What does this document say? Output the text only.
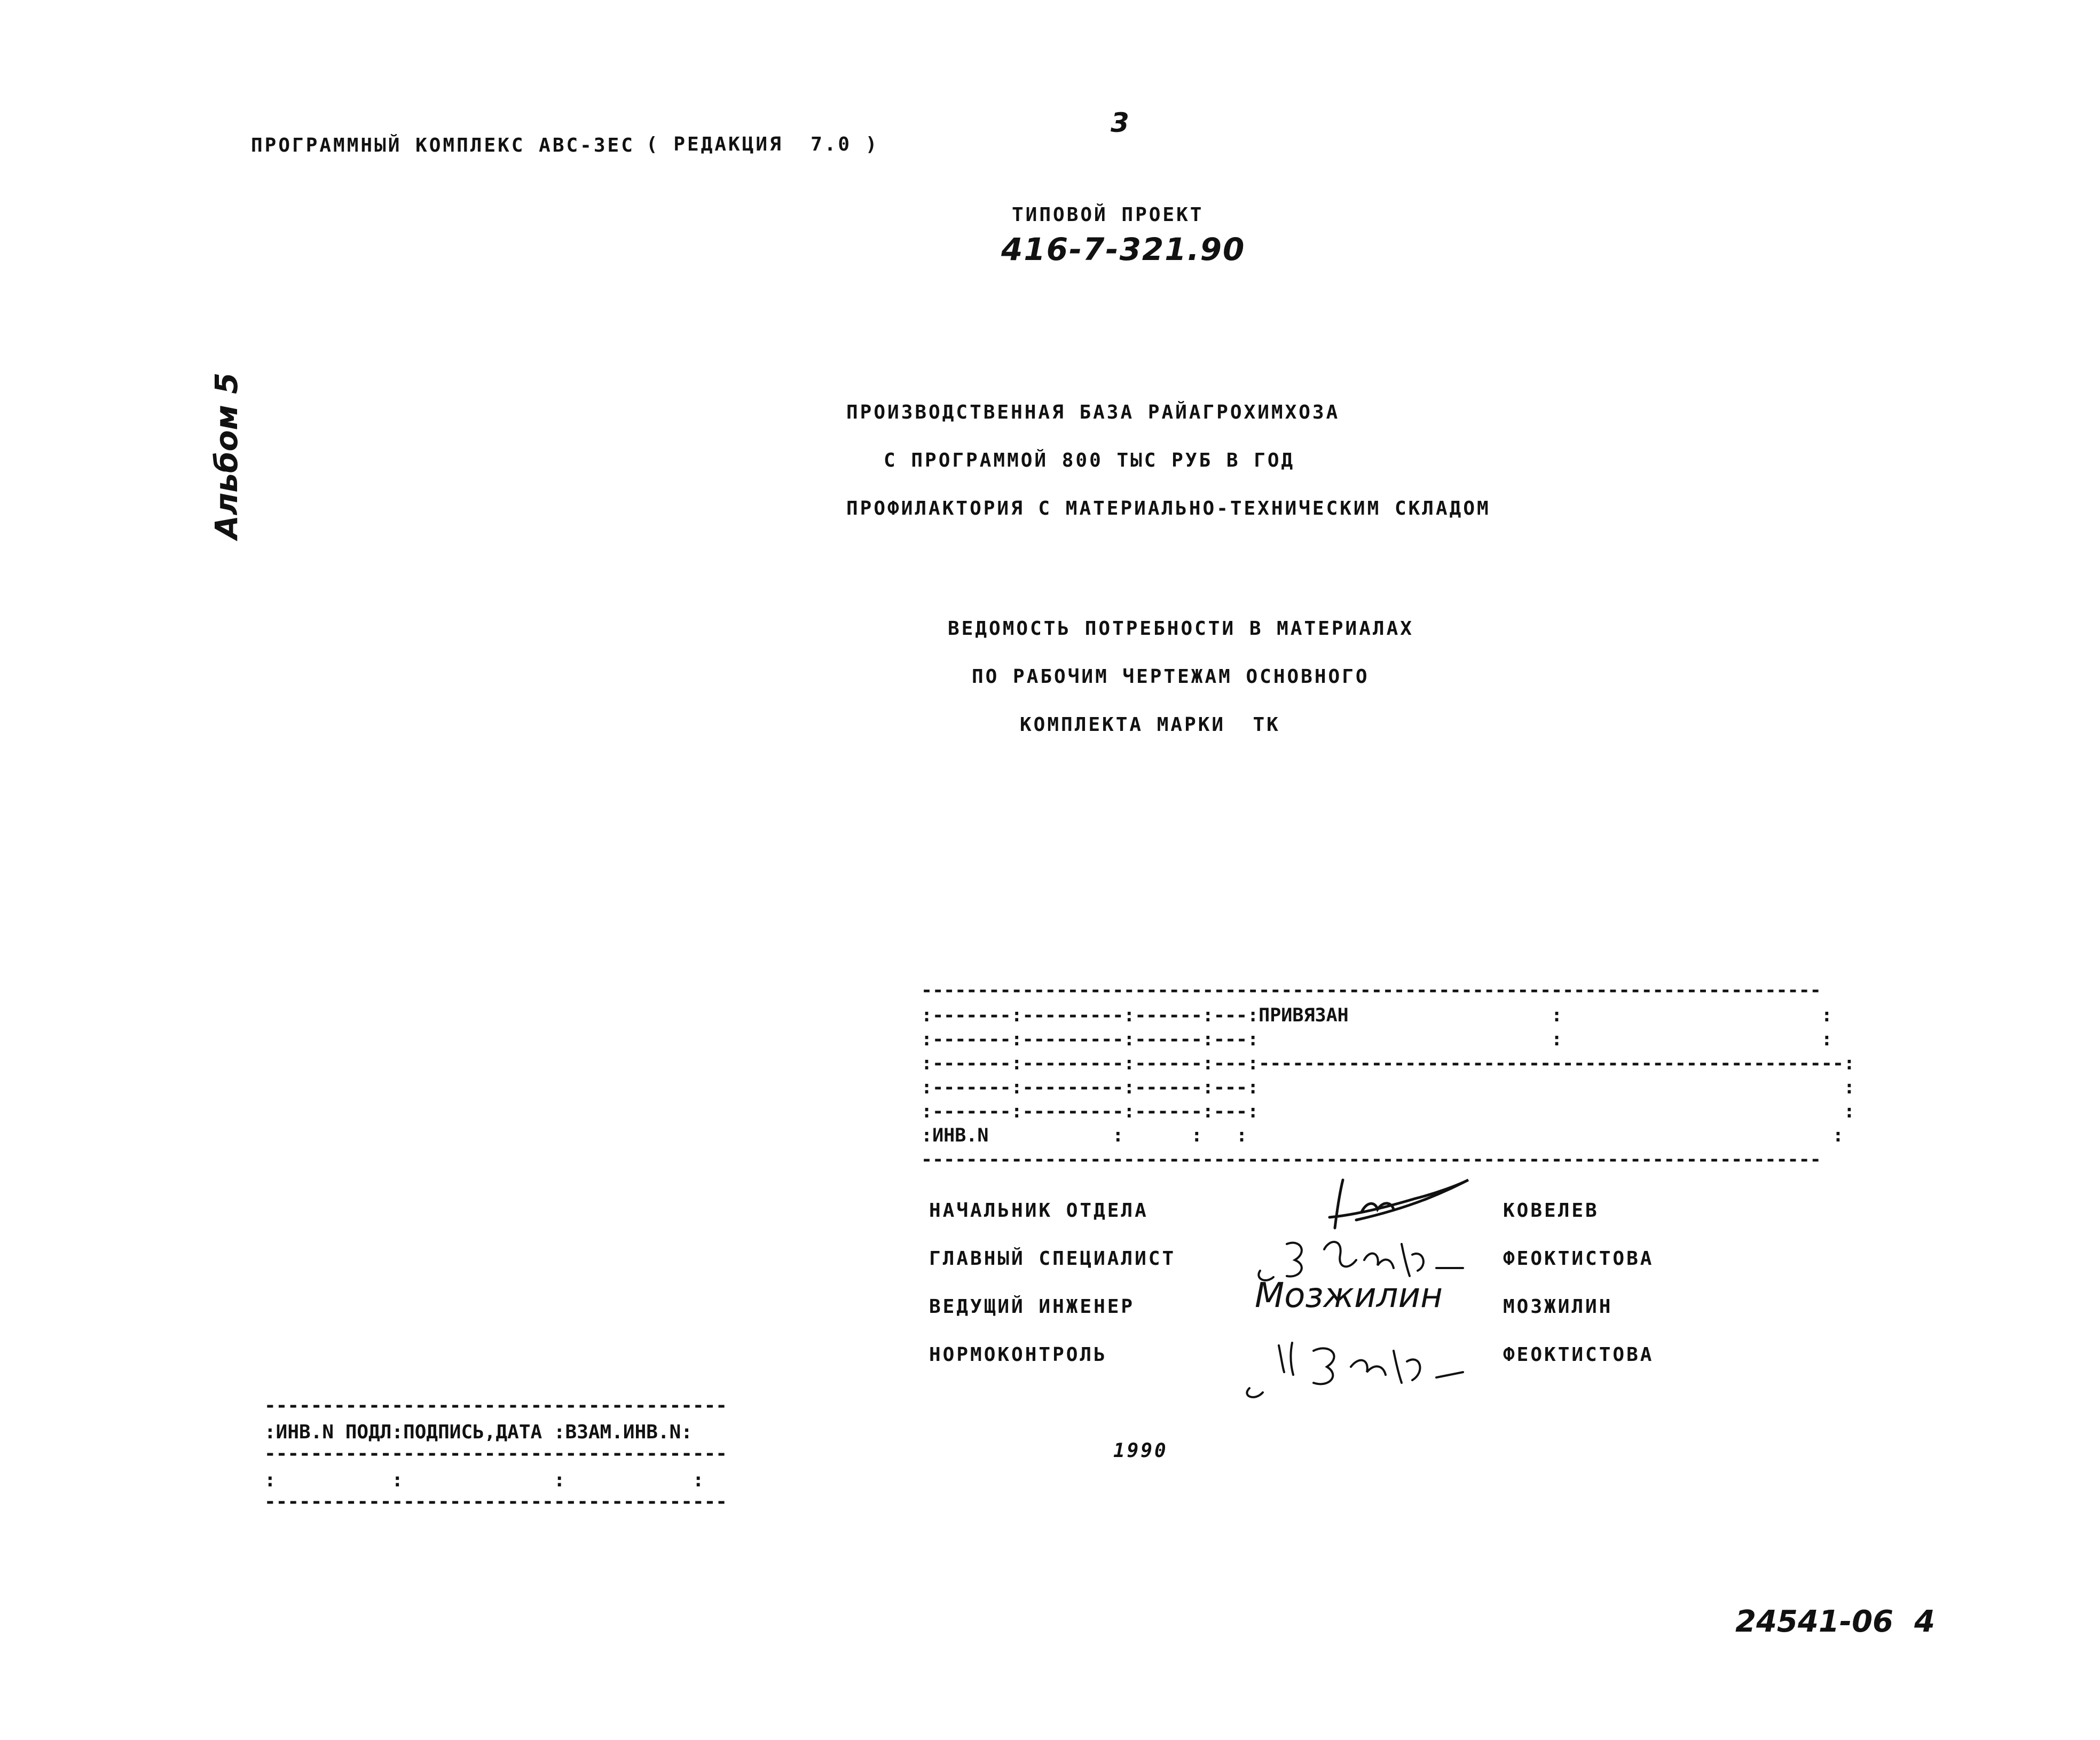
ПРОГРАММНЫЙ КОМПЛЕКС АВС-3ЕС ( РЕДАКЦИЯ  7.0 )
3
ТИПОВОЙ ПРОЕКТ
416-7-321.90
Альбом 5	ПРОИЗВОДСТВЕННАЯ БАЗА РАЙАГРОХИМХОЗА
С ПРОГРАММОЙ 800 ТЫС РУБ В ГОД
ПРОФИЛАКТОРИЯ С МАТЕРИАЛЬНО-ТЕХНИЧЕСКИМ СКЛАДОМ
ВЕДОМОСТЬ ПОТРЕБНОСТИ В МАТЕРИАЛАХ
ПО РАБОЧИМ ЧЕРТЕЖАМ ОСНОВНОГО
КОМПЛЕКТА МАРКИ  ТК
--------------------------------------------------------------------------------
:-------:---------:------:---:ПРИВЯЗАН                  :                       :
:-------:---------:------:---:                          :                       :
:-------:---------:------:---:----------------------------------------------------:
:-------:---------:------:---:                                                    :
:-------:---------:------:---:                                                    :
:ИНВ.N           :      :   :                                                    :
--------------------------------------------------------------------------------
НАЧАЛЬНИК ОТДЕЛА	КОВЕЛЕВ
ГЛАВНЫЙ СПЕЦИАЛИСТ	ФЕОКТИСТОВА
ВЕДУЩИЙ ИНЖЕНЕР	МОЗЖИЛИН
НОРМОКОНТРОЛЬ	ФЕОКТИСТОВА
Мозжилин
1990
----------------------------------------
:ИНВ.N ПОДЛ:ПОДПИСЬ,ДАТА :ВЗАМ.ИНВ.N:
----------------------------------------
:          :             :           :
----------------------------------------
24541-06  4
